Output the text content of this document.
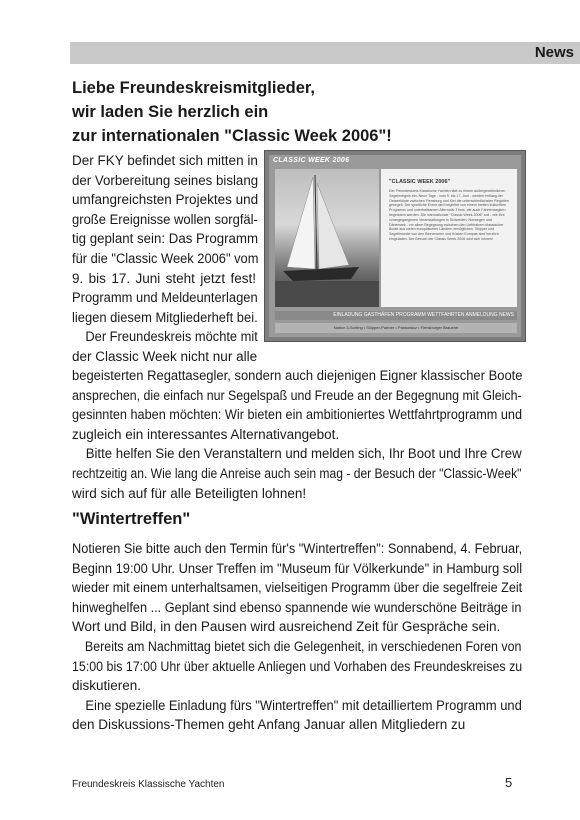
News
Liebe Freundeskreismitglieder,
wir laden Sie herzlich ein
zur internationalen "Classic Week 2006"!
Der FKY befindet sich mitten in
der Vorbereitung seines bislang
umfangreichsten Projektes und
große Ereignisse wollen sorgfäl-
tig geplant sein: Das Programm
für die "Classic Week 2006" vom
9. bis 17. Juni steht jetzt fest!
Programm und Meldeunterlagen
liegen diesem Mitgliederheft bei.
Der Freundeskreis möchte mit
der Classic Week nicht nur alle
CLASSIC WEEK 2006
"CLASSIC WEEK 2006"
Der Freundeskreis Klassische Yachten lädt zu einem außergewöhnlichen Segelereignis ein. Neun Tage - vom 9. bis 17. Juni - werden entlang der Ostseeküste zwischen Flensburg und Kiel die unterschiedlichsten Regatten gesegelt. Der sportliche Event wird begleitet von einem breiten kulturellen Programm und unterhaltsamen Alternativ-Törns, die auch Fahrtenseglern begeistern werden. Die internationale "Classic Week 2006" soll - wie ihre vorangegangenen Veranstaltungen in Schweden, Norwegen und Dänemark - vor allem Begegnung zwischen den Liebhabern klassischer Boote aus vielen europäischen Ländern ermöglichen. Skipper und Segelfreunde von den Binnenseen und Küsten Europas sind herzlich eingeladen. Der Besuch der Classic Week 2006 wird sich lohnen!
EINLADUNG GASTHÄFEN PROGRAMM WETTFAHRTEN ANMELDUNG NEWS
Nation 3-Sorting • Skipper-Partner • Pankowicz • Flensburger Brauerei
begeisterten Regattasegler, sondern auch diejenigen Eigner klassischer Boote
ansprechen, die einfach nur Segelspaß und Freude an der Begegnung mit Gleich-
gesinnten haben möchten: Wir bieten ein ambitioniertes Wettfahrtprogramm und
zugleich ein interessantes Alternativangebot.
Bitte helfen Sie den Veranstaltern und melden sich, Ihr Boot und Ihre Crew
rechtzeitig an. Wie lang die Anreise auch sein mag - der Besuch der "Classic-Week"
wird sich auf für alle Beteiligten lohnen!
"Wintertreffen"
Notieren Sie bitte auch den Termin für's "Wintertreffen": Sonnabend, 4. Februar,
Beginn 19:00 Uhr. Unser Treffen im "Museum für Völkerkunde" in Hamburg soll
wieder mit einem unterhaltsamen, vielseitigen Programm über die segelfreie Zeit
hinweghelfen ... Geplant sind ebenso spannende wie wunderschöne Beiträge in
Wort und Bild, in den Pausen wird ausreichend Zeit für Gespräche sein.
Bereits am Nachmittag bietet sich die Gelegenheit, in verschiedenen Foren von
15:00 bis 17:00 Uhr über aktuelle Anliegen und Vorhaben des Freundeskreises zu
diskutieren.
Eine spezielle Einladung fürs "Wintertreffen" mit detailliertem Programm und
den Diskussions-Themen geht Anfang Januar allen Mitgliedern zu
Freundeskreis Klassische Yachten	5
